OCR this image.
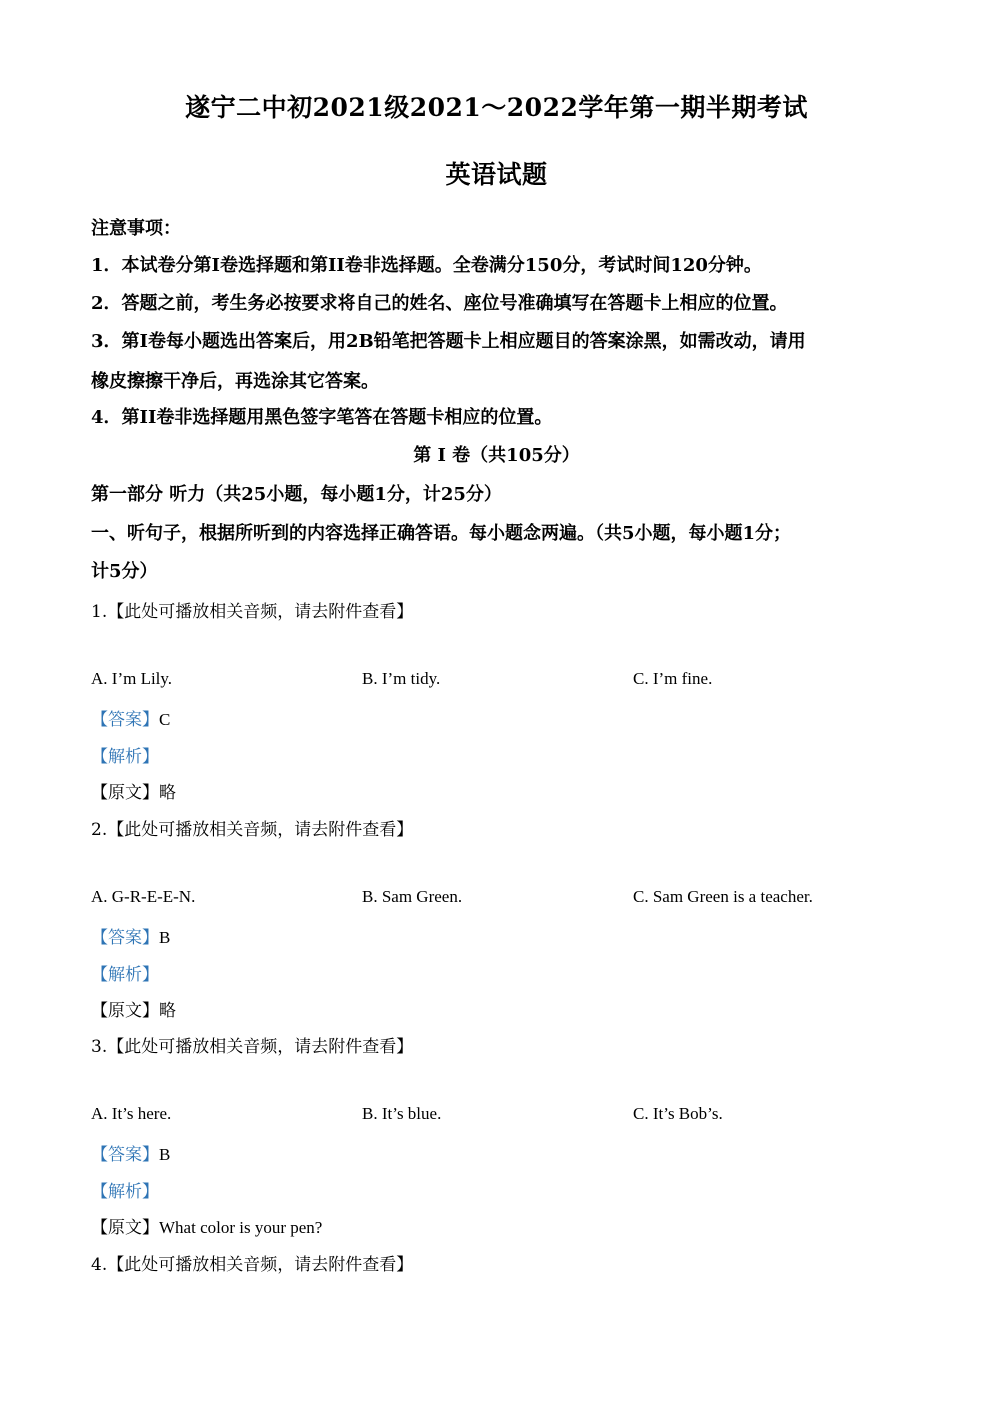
遂宁二中初2021级2021～2022学年第一期半期考试
英语试题
注意事项：
1．本试卷分第I卷选择题和第II卷非选择题。全卷满分150分，考试时间120分钟。
2．答题之前，考生务必按要求将自己的姓名、座位号准确填写在答题卡上相应的位置。
3．第I卷每小题选出答案后，用2B铅笔把答题卡上相应题目的答案涂黑，如需改动，请用
橡皮擦擦干净后，再选涂其它答案。
4．第II卷非选择题用黑色签字笔答在答题卡相应的位置。
第 I 卷（共105分）
第一部分 听力（共25小题，每小题1分，计25分）
一、听句子，根据所听到的内容选择正确答语。每小题念两遍。（共5小题，每小题1分；
计5分）
1.【此处可播放相关音频，请去附件查看】
A. I’m Lily.	B. I’m tidy.	C. I’m fine.
【答案】C
【解析】
【原文】略
2.【此处可播放相关音频，请去附件查看】
A. G-R-E-E-N.	B. Sam Green.	C. Sam Green is a teacher.
【答案】B
【解析】
【原文】略
3.【此处可播放相关音频，请去附件查看】
A. It’s here.	B. It’s blue.	C. It’s Bob’s.
【答案】B
【解析】
【原文】What color is your pen?
4.【此处可播放相关音频，请去附件查看】
